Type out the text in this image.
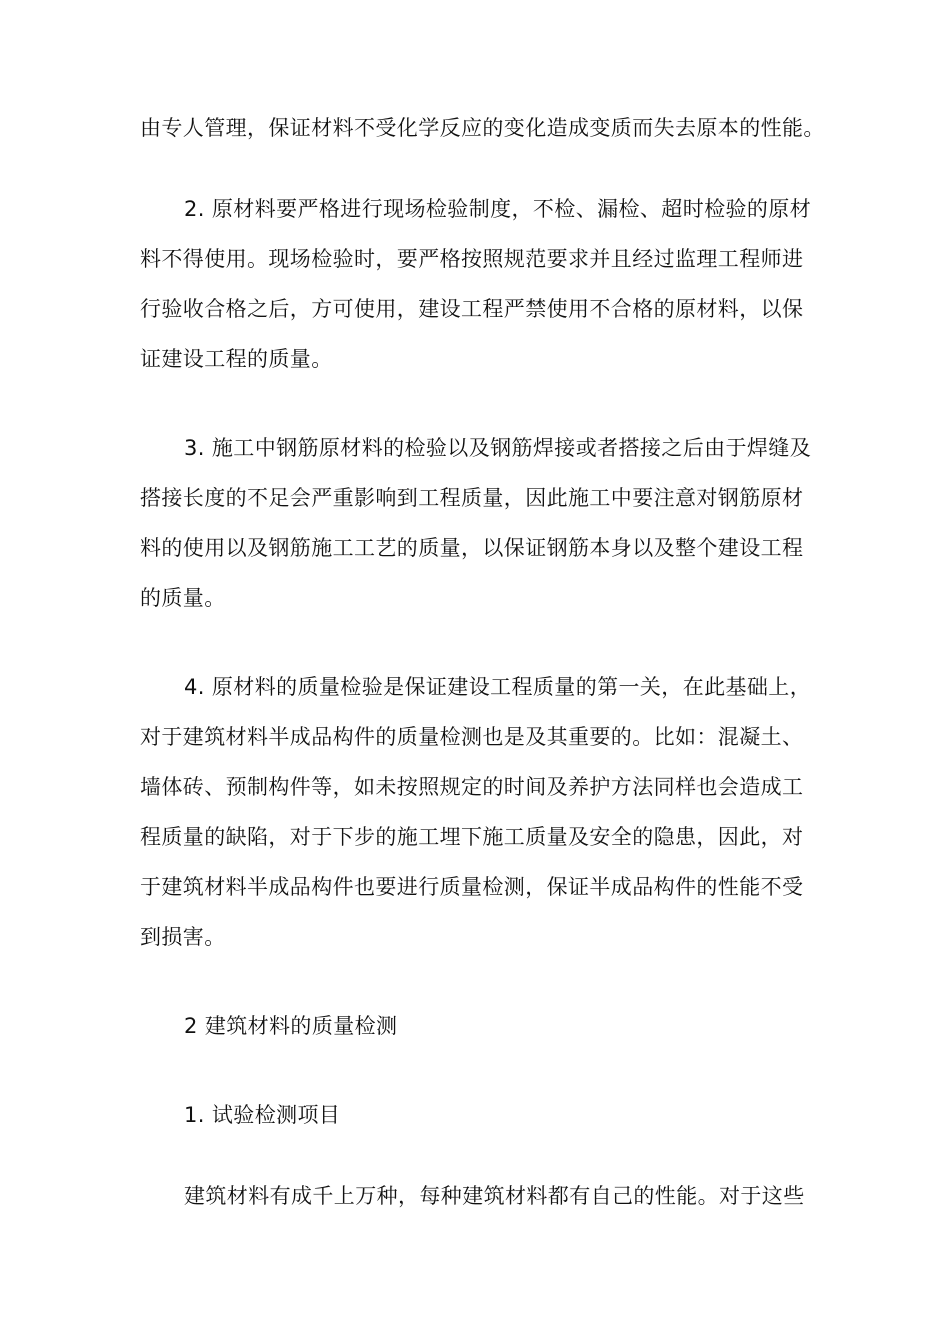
由专人管理，保证材料不受化学反应的变化造成变质而失去原本的性能。
2. 原材料要严格进行现场检验制度，不检、漏检、超时检验的原材
料不得使用。现场检验时，要严格按照规范要求并且经过监理工程师进
行验收合格之后，方可使用，建设工程严禁使用不合格的原材料，以保
证建设工程的质量。
3. 施工中钢筋原材料的检验以及钢筋焊接或者搭接之后由于焊缝及
搭接长度的不足会严重影响到工程质量，因此施工中要注意对钢筋原材
料的使用以及钢筋施工工艺的质量，以保证钢筋本身以及整个建设工程
的质量。
4. 原材料的质量检验是保证建设工程质量的第一关，在此基础上，
对于建筑材料半成品构件的质量检测也是及其重要的。比如：混凝土、
墙体砖、预制构件等，如未按照规定的时间及养护方法同样也会造成工
程质量的缺陷，对于下步的施工埋下施工质量及安全的隐患，因此，对
于建筑材料半成品构件也要进行质量检测，保证半成品构件的性能不受
到损害。
2 建筑材料的质量检测
1. 试验检测项目
建筑材料有成千上万种，每种建筑材料都有自己的性能。对于这些
